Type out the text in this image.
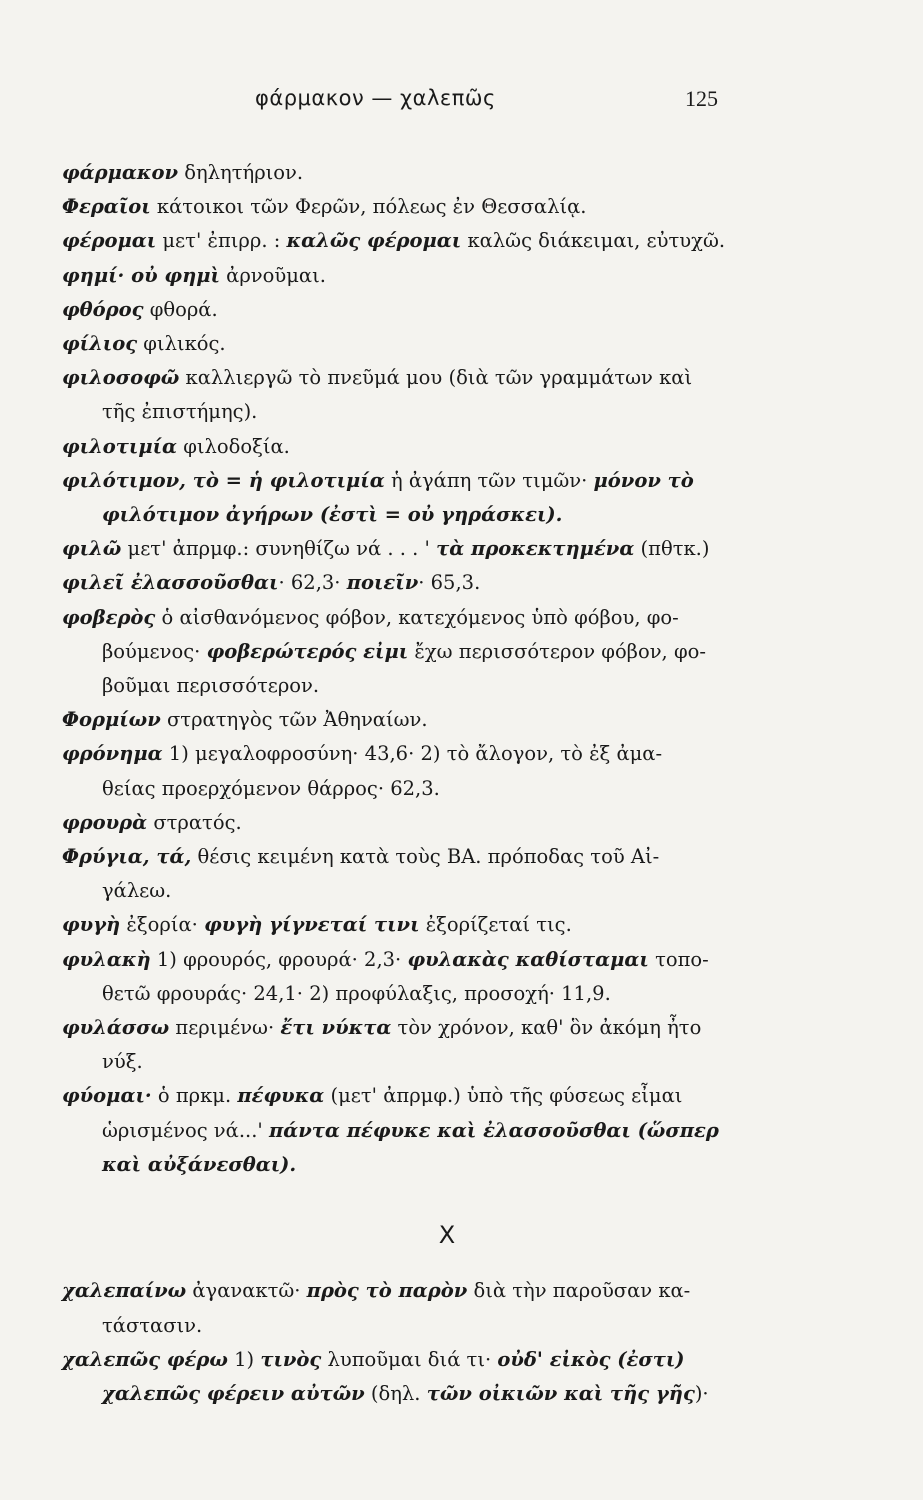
φάρμακον — χαλεπῶς	125
φάρμακον δηλητήριον.
Φεραῖοι κάτοικοι τῶν Φερῶν, πόλεως ἐν Θεσσαλίᾳ.
φέρομαι μετ' ἐπιρρ. : καλῶς φέρομαι καλῶς διάκειμαι, εὐτυχῶ.
φημί· οὐ φημὶ ἀρνοῦμαι.
φθόρος φθορά.
φίλιος φιλικός.
φιλοσοφῶ καλλιεργῶ τὸ πνεῦμά μου (διὰ τῶν γραμμάτων καὶ
τῆς ἐπιστήμης).
φιλοτιμία φιλοδοξία.
φιλότιμον, τὸ = ἡ φιλοτιμία ἡ ἀγάπη τῶν τιμῶν· μόνον τὸ
φιλότιμον ἀγήρων (ἐστὶ = οὐ γηράσκει).
φιλῶ μετ' ἀπρμφ.: συνηθίζω νά . . . ' τὰ προκεκτημένα (πθτκ.)
φιλεῖ ἐλασσοῦσθαι· 62,3· ποιεῖν· 65,3.
φοβερὸς ὁ αἰσθανόμενος φόβον, κατεχόμενος ὑπὸ φόβου, φο-
βούμενος· φοβερώτερός εἰμι ἔχω περισσότερον φόβον, φο-
βοῦμαι περισσότερον.
Φορμίων στρατηγὸς τῶν Ἀθηναίων.
φρόνημα 1) μεγαλοφροσύνη· 43,6· 2) τὸ ἄλογον, τὸ ἐξ ἀμα-
θείας προερχόμενον θάρρος· 62,3.
φρουρὰ στρατός.
Φρύγια, τά, θέσις κειμένη κατὰ τοὺς ΒΑ. πρόποδας τοῦ Αἰ-
γάλεω.
φυγὴ ἐξορία· φυγὴ γίγνεταί τινι ἐξορίζεταί τις.
φυλακὴ 1) φρουρός, φρουρά· 2,3· φυλακὰς καθίσταμαι τοπο-
θετῶ φρουράς· 24,1· 2) προφύλαξις, προσοχή· 11,9.
φυλάσσω περιμένω· ἔτι νύκτα τὸν χρόνον, καθ' ὃν ἀκόμη ἦτο
νύξ.
φύομαι· ὁ πρκμ. πέφυκα (μετ' ἀπρμφ.) ὑπὸ τῆς φύσεως εἶμαι
ὡρισμένος νά...' πάντα πέφυκε καὶ ἐλασσοῦσθαι (ὥσπερ
καὶ αὐξάνεσθαι).
X
χαλεπαίνω ἀγανακτῶ· πρὸς τὸ παρὸν διὰ τὴν παροῦσαν κα-
τάστασιν.
χαλεπῶς φέρω 1) τινὸς λυποῦμαι διά τι· οὐδ' εἰκὸς (ἐστι)
χαλεπῶς φέρειν αὐτῶν (δηλ. τῶν οἰκιῶν καὶ τῆς γῆς)·
